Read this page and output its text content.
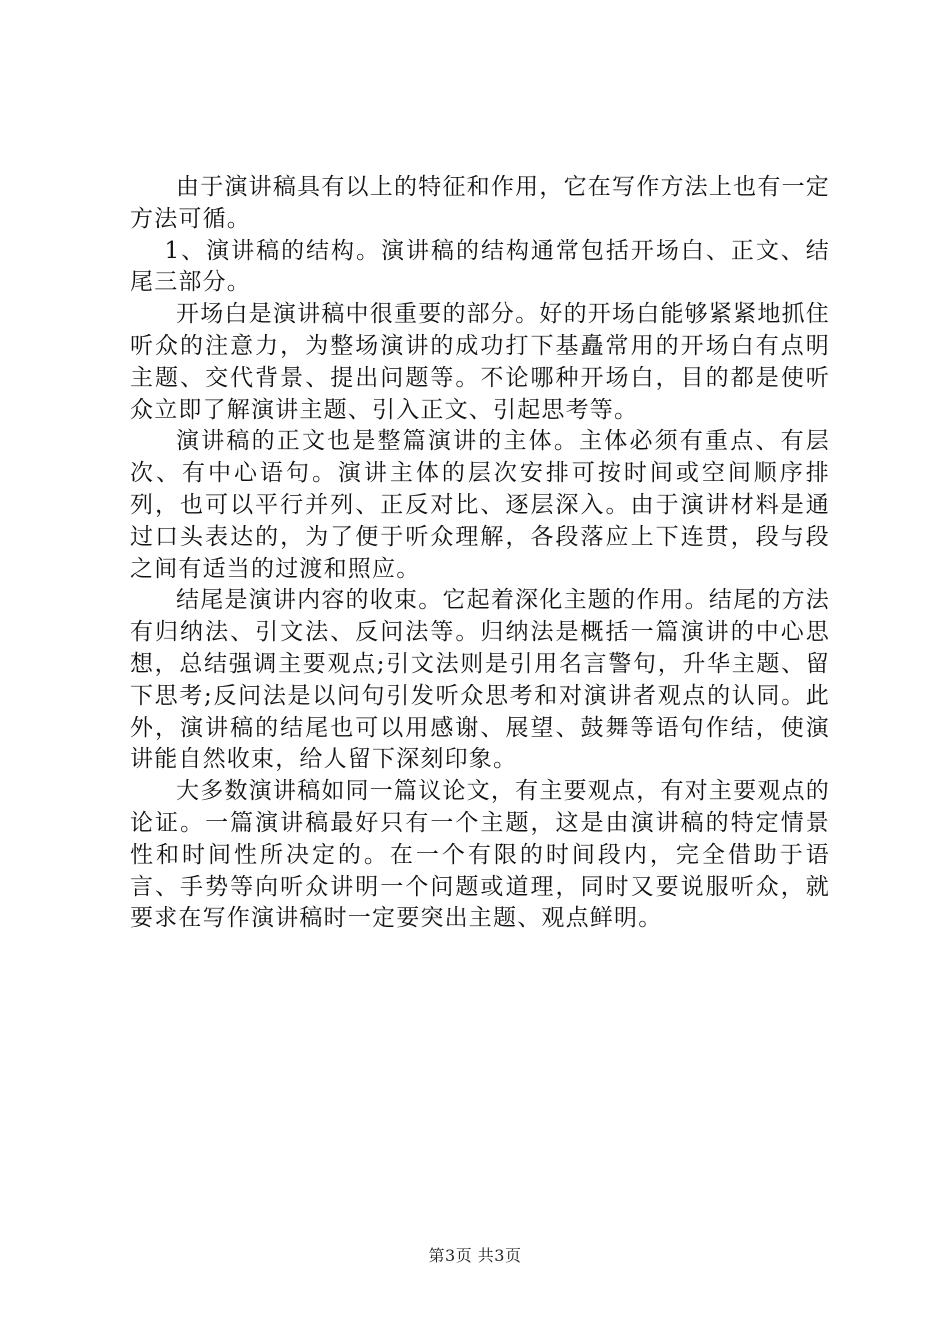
由于演讲稿具有以上的特征和作用，它在写作方法上也有一定方法可循。

1、演讲稿的结构。演讲稿的结构通常包括开场白、正文、结尾三部分。

开场白是演讲稿中很重要的部分。好的开场白能够紧紧地抓住听众的注意力，为整场演讲的成功打下基矗常用的开场白有点明主题、交代背景、提出问题等。不论哪种开场白，目的都是使听众立即了解演讲主题、引入正文、引起思考等。

演讲稿的正文也是整篇演讲的主体。主体必须有重点、有层次、有中心语句。演讲主体的层次安排可按时间或空间顺序排列，也可以平行并列、正反对比、逐层深入。由于演讲材料是通过口头表达的，为了便于听众理解，各段落应上下连贯，段与段之间有适当的过渡和照应。

结尾是演讲内容的收束。它起着深化主题的作用。结尾的方法有归纳法、引文法、反问法等。归纳法是概括一篇演讲的中心思想，总结强调主要观点;引文法则是引用名言警句，升华主题、留下思考;反问法是以问句引发听众思考和对演讲者观点的认同。此外，演讲稿的结尾也可以用感谢、展望、鼓舞等语句作结，使演讲能自然收束，给人留下深刻印象。

大多数演讲稿如同一篇议论文，有主要观点，有对主要观点的论证。一篇演讲稿最好只有一个主题，这是由演讲稿的特定情景性和时间性所决定的。在一个有限的时间段内，完全借助于语言、手势等向听众讲明一个问题或道理，同时又要说服听众，就要求在写作演讲稿时一定要突出主题、观点鲜明。

第3页 共3页
